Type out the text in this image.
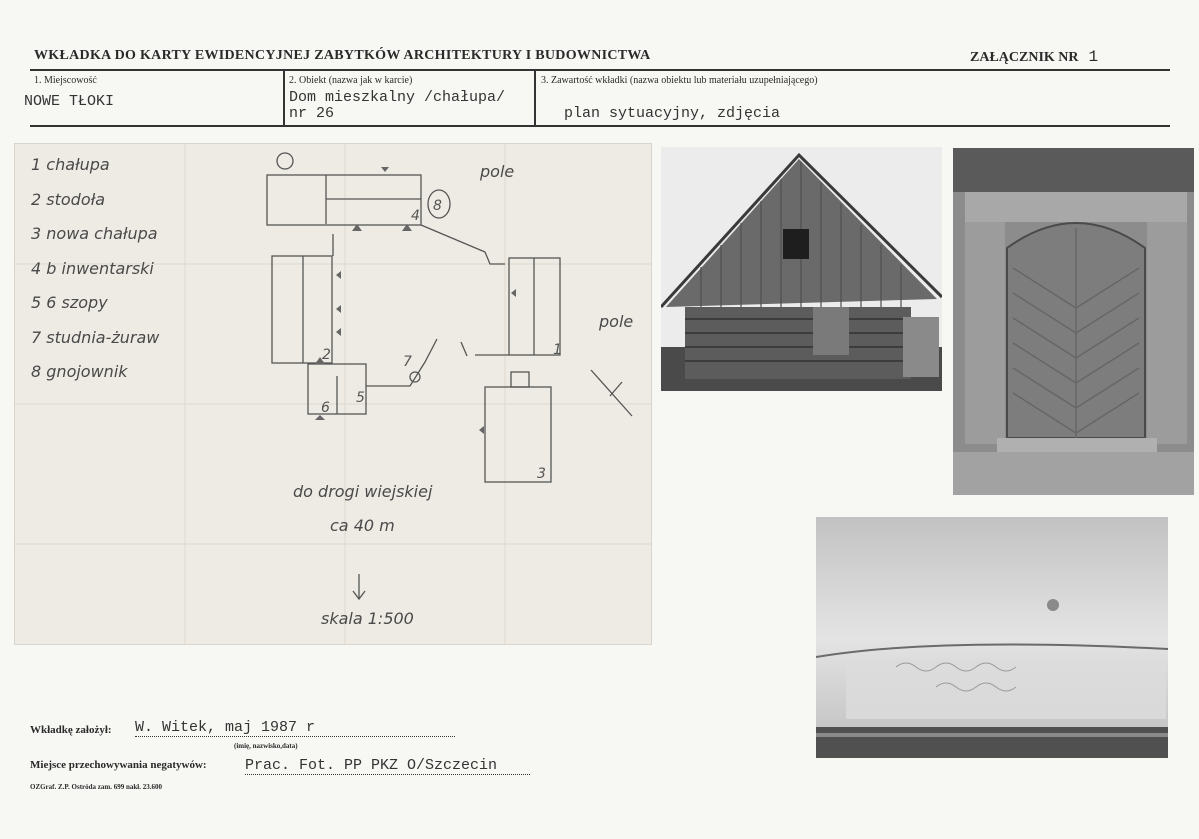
WKŁADKA DO KARTY EWIDENCYJNEJ ZABYTKÓW ARCHITEKTURY I BUDOWNICTWA	ZAŁĄCZNIK NR 1
1. Miejscowość
NOWE TŁOKI
2. Obiekt (nazwa jak w karcie)
Dom mieszkalny /chałupa/
nr 26
3. Zawartość wkładki (nazwa obiektu lub materiału uzupełniającego)
plan sytuacyjny, zdjęcia
4
8
2	1
5
6
7
3
1 chałupa
2 stodoła
3 nowa chałupa
4 b inwentarski
5 6 szopy
7 studnia-żuraw
8 gnojownik
pole
pole
do drogi wiejskiej
ca 40 m
skala 1:500
Wkładkę założył: W. Witek, maj 1987 r
(imię, nazwisko,data)
Miejsce przechowywania negatywów:	Prac. Fot. PP PKZ O/Szczecin
OZGraf. Z.P. Ostróda zam. 699 nakł. 23.600
